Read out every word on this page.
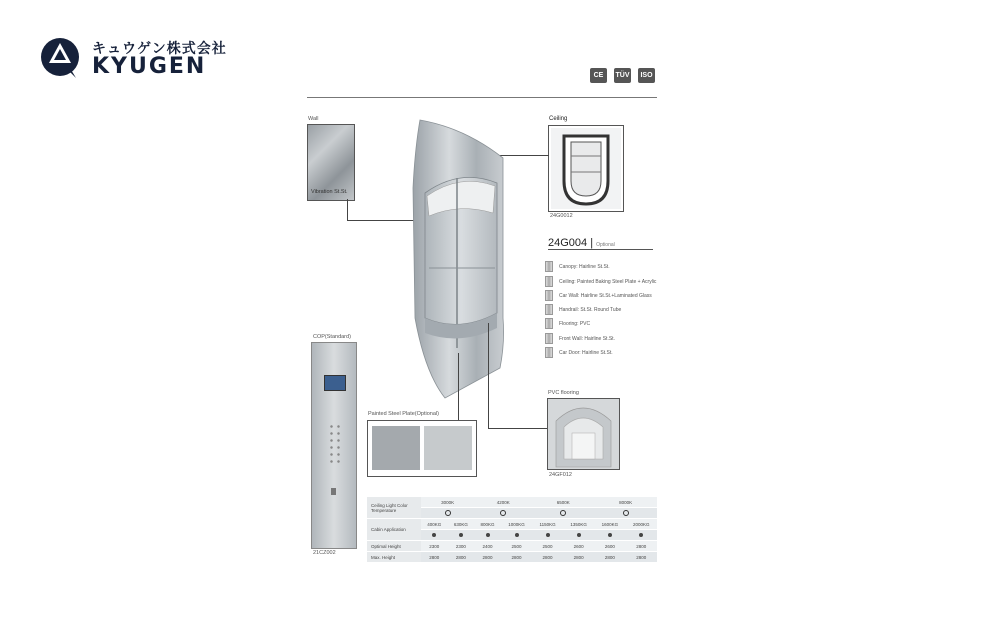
キュウゲン株式会社
KYUGEN	CE	TÜV	ISO
Wall
Vibration St.St.
Ceiling
24G0012
24G004 | Optional
Canopy: Hairline St.St.
Ceiling: Painted Baking Steel Plate + Acrylic
Car Wall: Hairline St.St.+Laminated Glass
Handrail: St.St. Round Tube
Flooring: PVC
Front Wall: Hairline St.St.
Car Door: Hairline St.St.
PVC flooring
24GF012
Painted Steel Plate(Optional)
COP(Standard)
21CZ002
Ceiling Light Color Temperature	3000K		4200K		6500K		8000K	

Cabin Application	400KG	630KG	800KG	1000KG	1150KG	1350KG	1600KG	2000KG

Optimal Height	2300	2300	2400	2500	2500	2600	2600	2800
Max. Height	2800	2800	2800	2800	2800	2800	2800	2800
